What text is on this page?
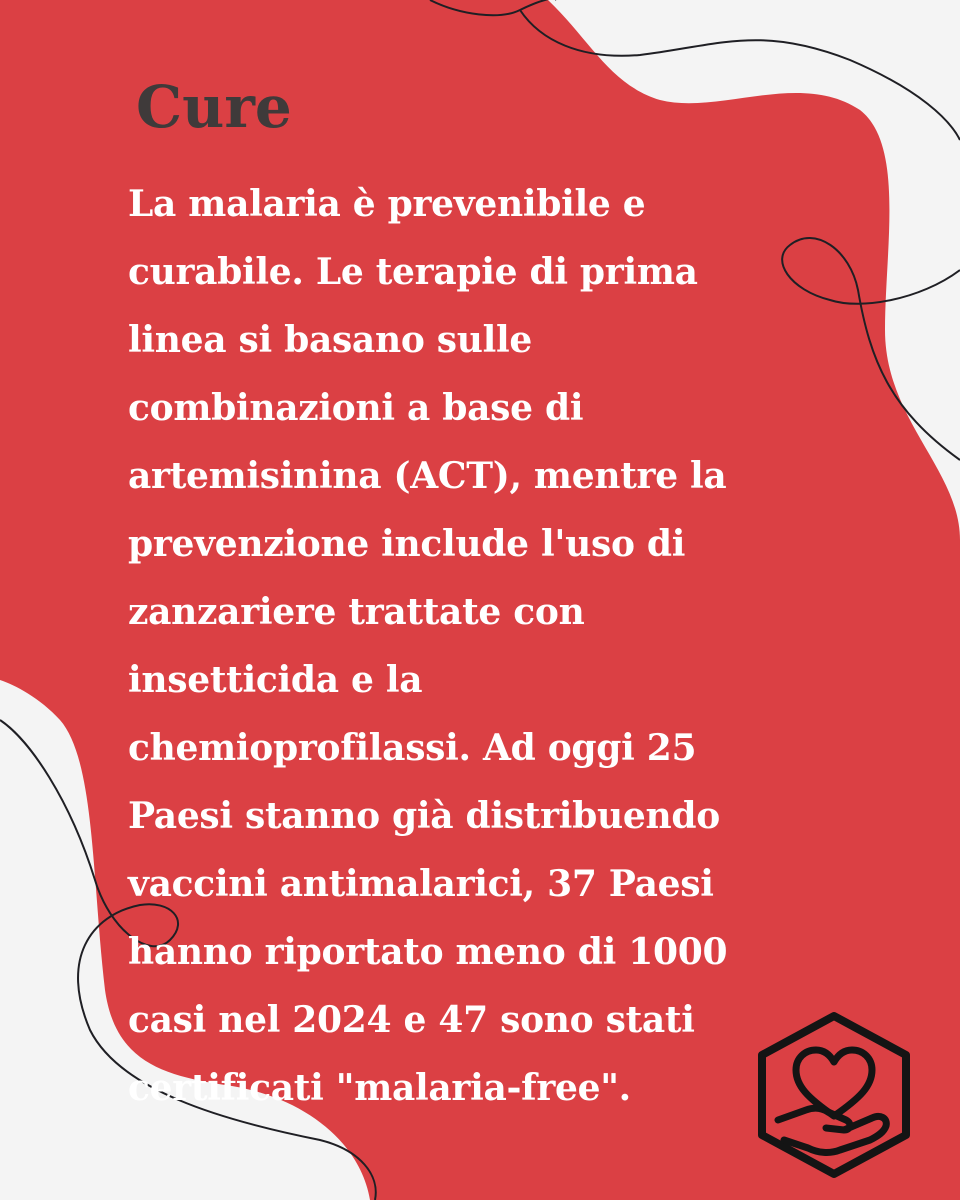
Cure

La malaria è prevenibile e
curabile. Le terapie di prima
linea si basano sulle
combinazioni a base di
artemisinina (ACT), mentre la
prevenzione include l'uso di
zanzariere trattate con
insetticida e la
chemioprofilassi. Ad oggi 25
Paesi stanno già distribuendo
vaccini antimalarici, 37 Paesi
hanno riportato meno di 1000
casi nel 2024 e 47 sono stati
certificati "malaria-free".
